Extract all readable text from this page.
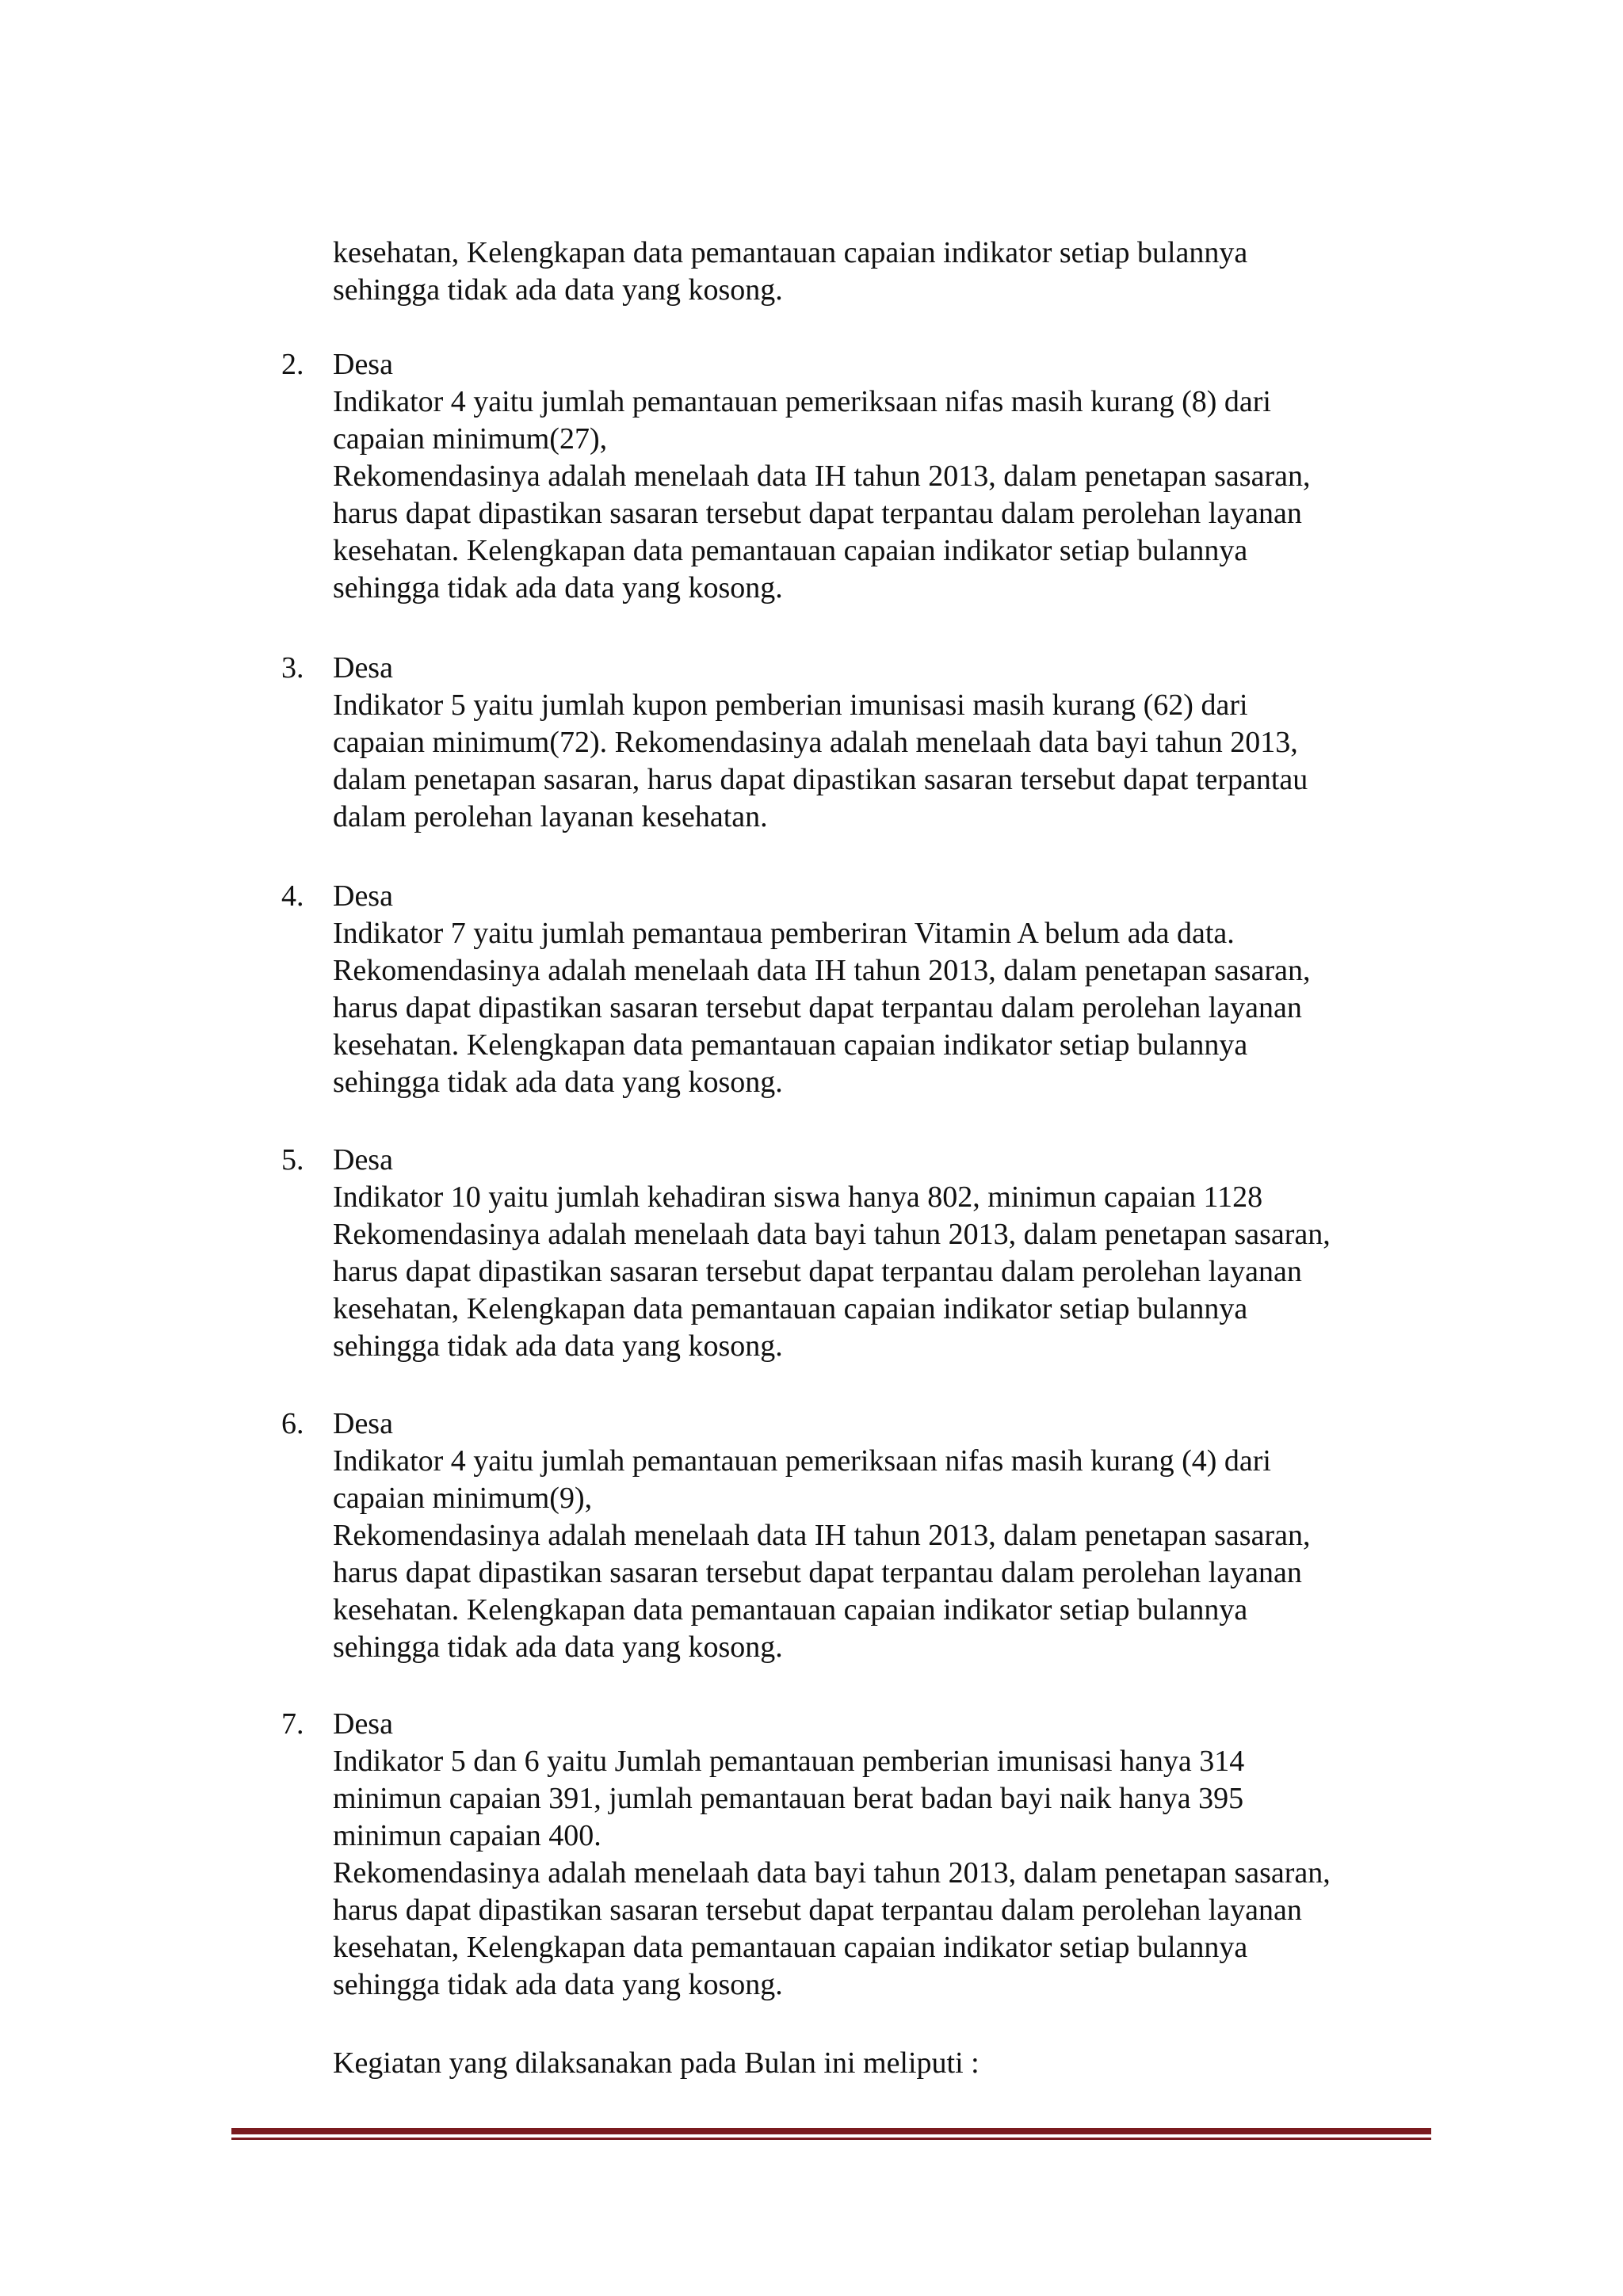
kesehatan, Kelengkapan data pemantauan capaian indikator setiap bulannya
sehingga tidak ada data yang kosong.
2. Desa
Indikator 4 yaitu jumlah pemantauan pemeriksaan nifas masih kurang (8) dari
capaian minimum(27),
Rekomendasinya adalah menelaah data IH tahun 2013, dalam penetapan sasaran,
harus dapat dipastikan sasaran tersebut dapat terpantau dalam perolehan layanan
kesehatan. Kelengkapan data pemantauan capaian indikator setiap bulannya
sehingga tidak ada data yang kosong.
3. Desa
Indikator 5 yaitu jumlah kupon pemberian imunisasi masih kurang (62) dari
capaian minimum(72). Rekomendasinya adalah menelaah data bayi tahun 2013,
dalam penetapan sasaran, harus dapat dipastikan sasaran tersebut dapat terpantau
dalam perolehan layanan kesehatan.
4. Desa
Indikator 7 yaitu jumlah pemantaua pemberiran Vitamin A belum ada data.
Rekomendasinya adalah menelaah data IH tahun 2013, dalam penetapan sasaran,
harus dapat dipastikan sasaran tersebut dapat terpantau dalam perolehan layanan
kesehatan. Kelengkapan data pemantauan capaian indikator setiap bulannya
sehingga tidak ada data yang kosong.
5. Desa
Indikator 10 yaitu jumlah kehadiran siswa hanya 802, minimun capaian 1128
Rekomendasinya adalah menelaah data bayi tahun 2013, dalam penetapan sasaran,
harus dapat dipastikan sasaran tersebut dapat terpantau dalam perolehan layanan
kesehatan, Kelengkapan data pemantauan capaian indikator setiap bulannya
sehingga tidak ada data yang kosong.
6. Desa
Indikator 4 yaitu jumlah pemantauan pemeriksaan nifas masih kurang (4) dari
capaian minimum(9),
Rekomendasinya adalah menelaah data IH tahun 2013, dalam penetapan sasaran,
harus dapat dipastikan sasaran tersebut dapat terpantau dalam perolehan layanan
kesehatan. Kelengkapan data pemantauan capaian indikator setiap bulannya
sehingga tidak ada data yang kosong.
7. Desa
Indikator 5 dan 6 yaitu Jumlah pemantauan pemberian imunisasi hanya 314
minimun capaian 391, jumlah pemantauan berat badan bayi naik hanya 395
minimun capaian 400.
Rekomendasinya adalah menelaah data bayi tahun 2013, dalam penetapan sasaran,
harus dapat dipastikan sasaran tersebut dapat terpantau dalam perolehan layanan
kesehatan, Kelengkapan data pemantauan capaian indikator setiap bulannya
sehingga tidak ada data yang kosong.
Kegiatan yang dilaksanakan pada Bulan ini meliputi :
